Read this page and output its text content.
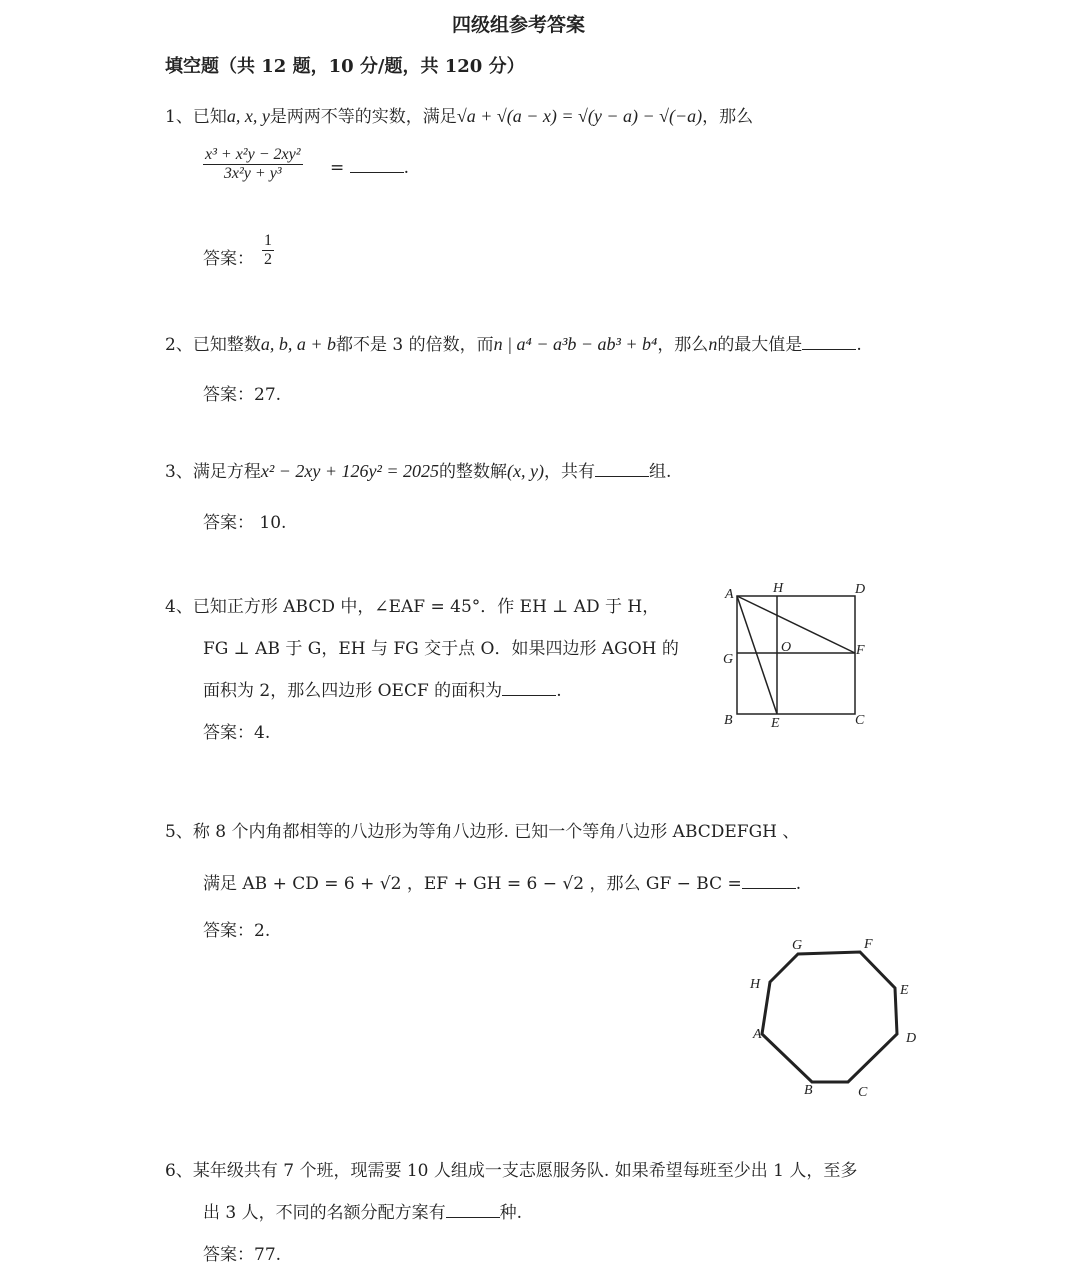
四级组参考答案
填空题（共 12 题，10 分/题，共 120 分）
1、已知a, x, y是两两不等的实数，满足√a + √(a − x) = √(y − a) − √(−a)，那么
$\frac{\text{x³ + x²y − 2xy²}}{\text{3x²y + y³}}$ =	.
答案： $\frac{1}{2}$
2、已知整数a, b, a + b都不是 3 的倍数，而n | a⁴ − a³b − ab³ + b⁴，那么n的最大值是	.
答案：27.
3、满足方程x² − 2xy + 126y² = 2025的整数解(x, y)，共有	组.
答案： 10.
4、已知正方形 ABCD 中，∠EAF = 45°．作 EH ⊥ AD 于 H，
FG ⊥ AB 于 G，EH 与 FG 交于点 O．如果四边形 AGOH 的
面积为 2，那么四边形 OECF 的面积为	.
答案：4.
A	H	D
G
O	F
B	E	C
5、称 8 个内角都相等的八边形为等角八边形. 已知一个等角八边形 ABCDEFGH 、
满足 AB + CD = 6 + √2 ，EF + GH = 6 − √2 ，那么 GF − BC =	.
答案：2.
A
B	C
D
E
F
G
H
6、某年级共有 7 个班，现需要 10 人组成一支志愿服务队. 如果希望每班至少出 1 人，至多
出 3 人，不同的名额分配方案有	种.
答案：77.
